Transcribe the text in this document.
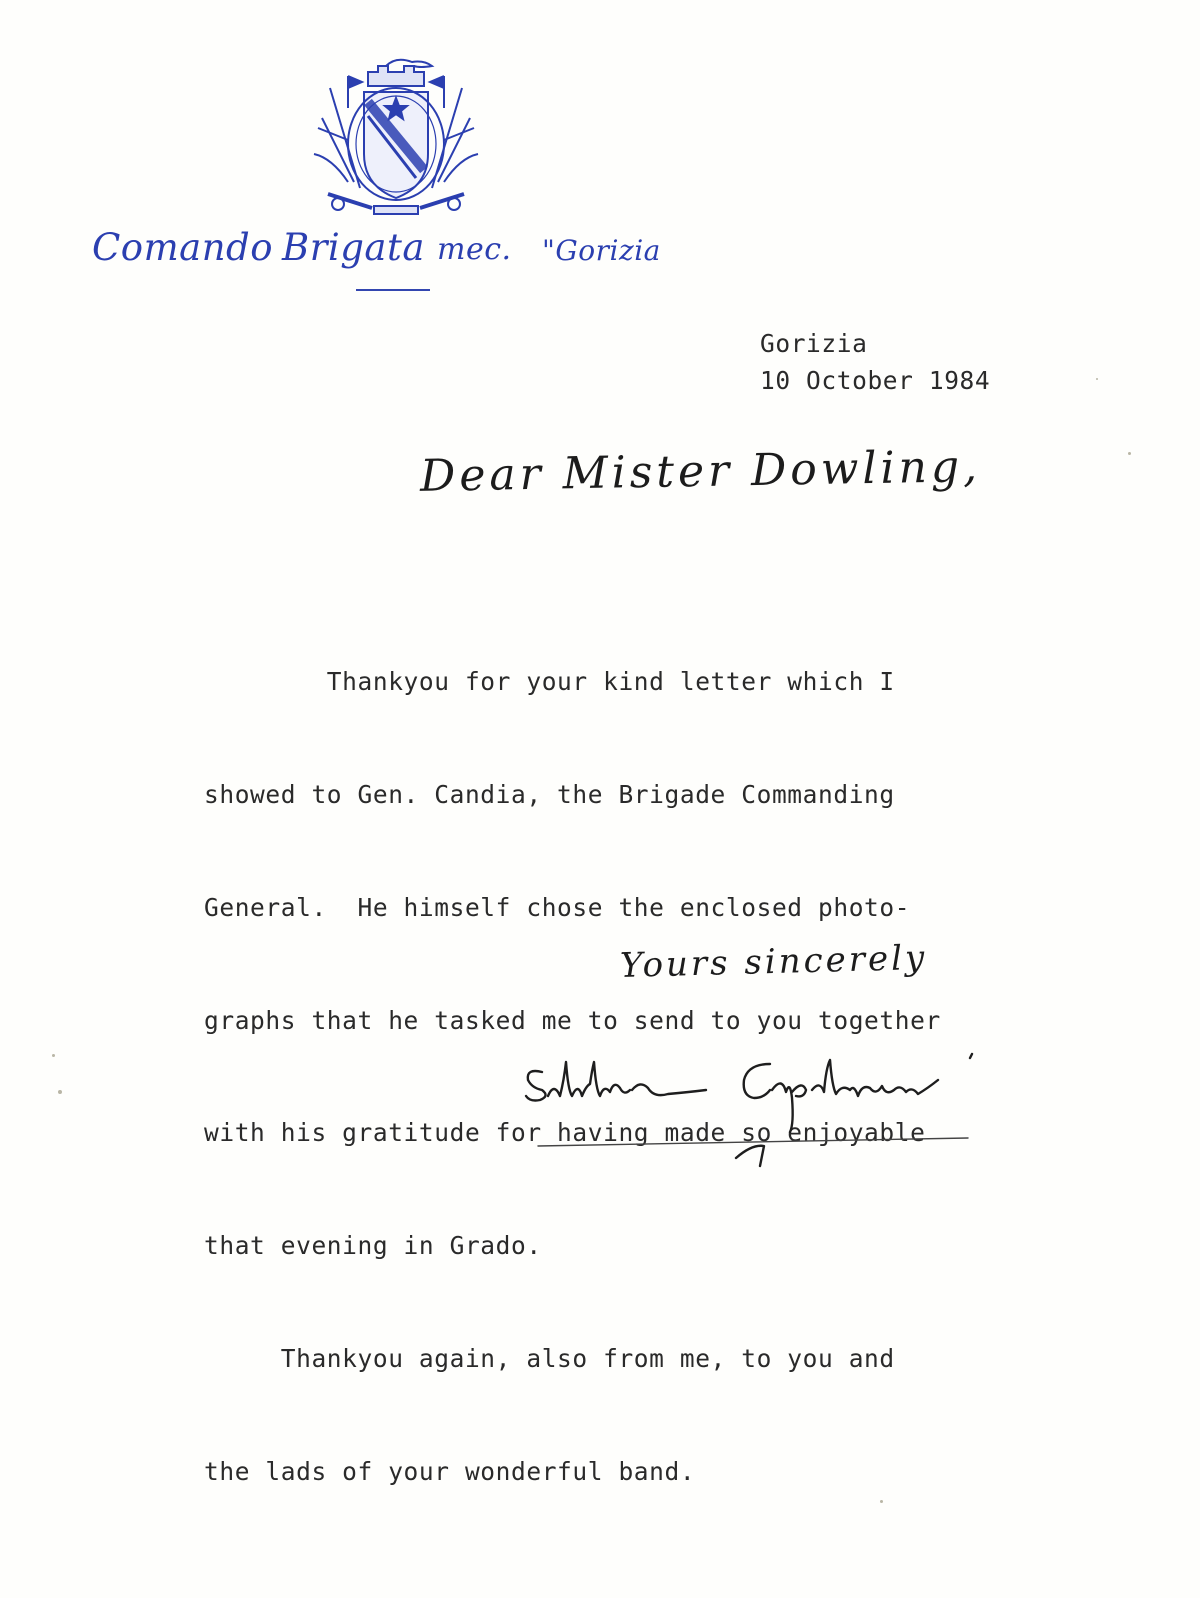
Comando Brigata mec. "Gorizia
Gorizia
10 October 1984
Dear Mister Dowling,

Thankyou for your kind letter which I

showed to Gen. Candia, the Brigade Commanding

General.  He himself chose the enclosed photo-

graphs that he tasked me to send to you together

with his gratitude for having made so enjoyable

that evening in Grado.

Thankyou again, also from me, to you and

the lads of your wonderful band.

Yours sincerely
